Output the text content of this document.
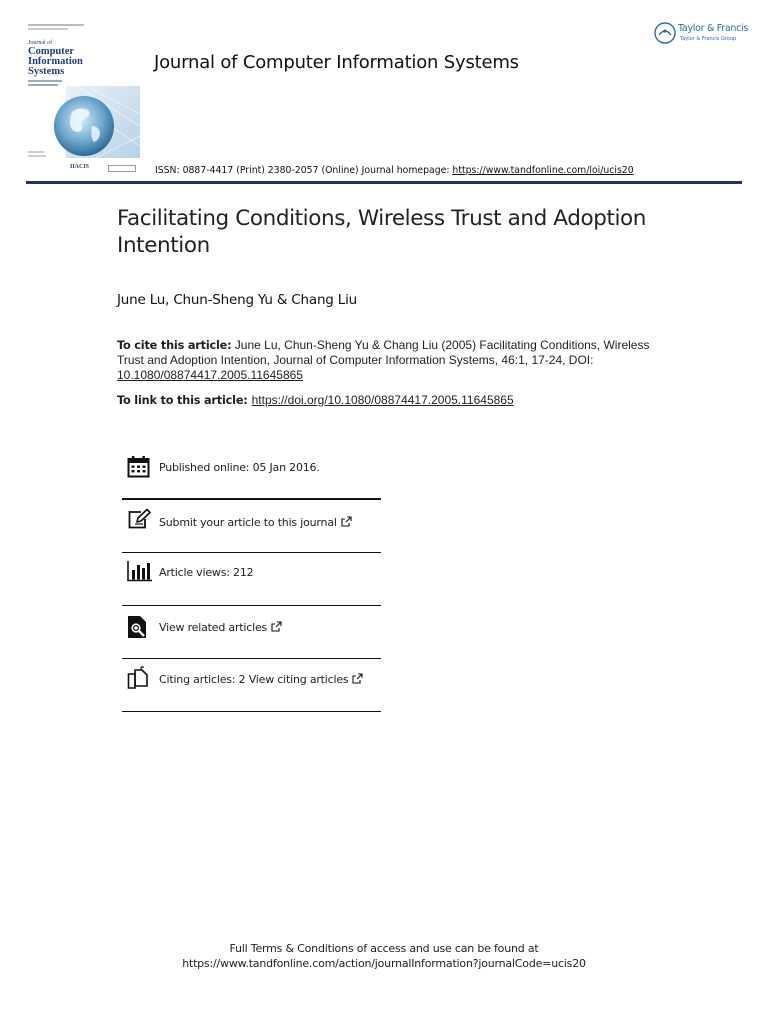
Journal of
Computer
Information
Systems
IIACIS
Journal of Computer Information Systems
Taylor & Francis
Taylor & Francis Group
ISSN: 0887-4417 (Print) 2380-2057 (Online) Journal homepage: https://www.tandfonline.com/loi/ucis20
Facilitating Conditions, Wireless Trust and Adoption Intention
June Lu, Chun-Sheng Yu & Chang Liu
To cite this article: June Lu, Chun-Sheng Yu & Chang Liu (2005) Facilitating Conditions, Wireless Trust and Adoption Intention, Journal of Computer Information Systems, 46:1, 17-24, DOI: 10.1080/08874417.2005.11645865
To link to this article: https://doi.org/10.1080/08874417.2005.11645865
Published online: 05 Jan 2016.
Submit your article to this journal
Article views: 212
View related articles
Citing articles: 2 View citing articles
Full Terms & Conditions of access and use can be found at
https://www.tandfonline.com/action/journalInformation?journalCode=ucis20
